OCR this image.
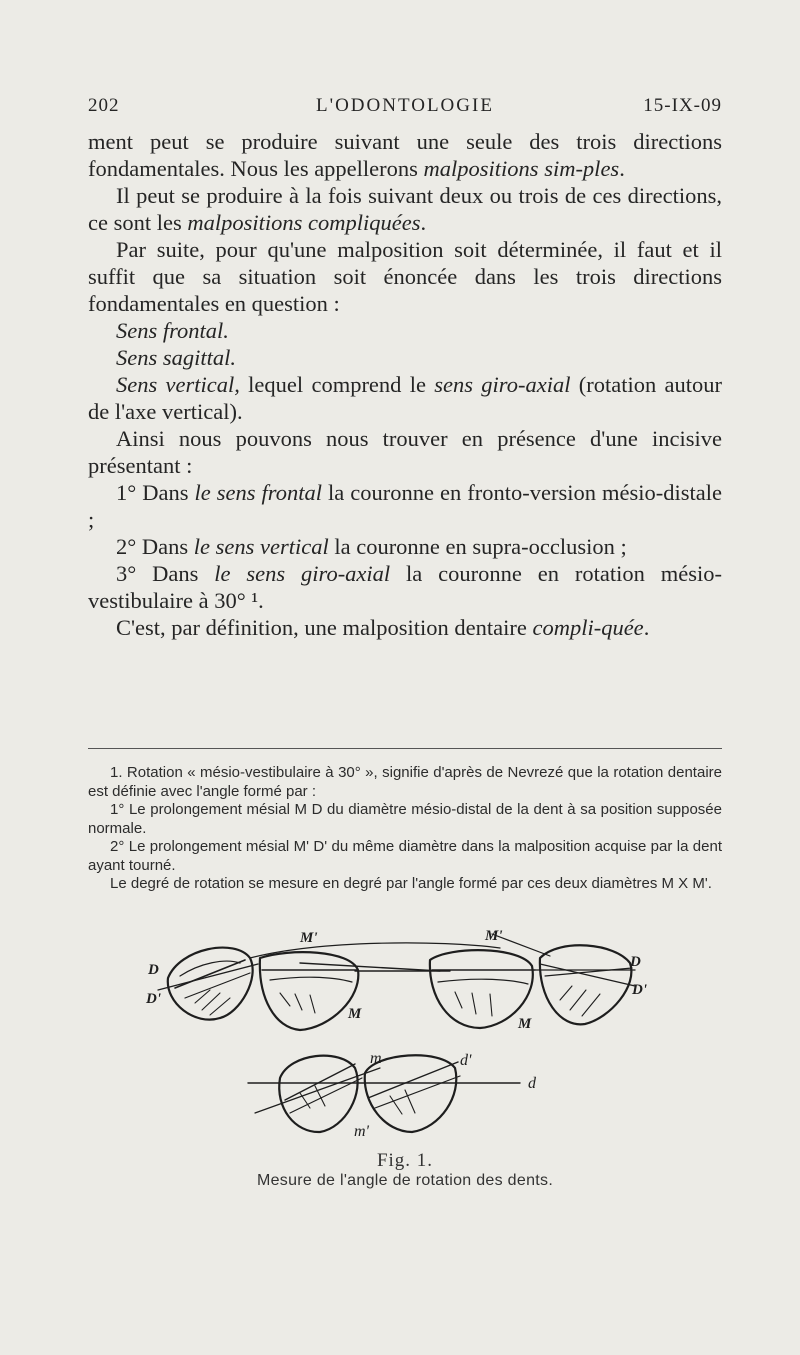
202	L'ODONTOLOGIE	15-IX-09

ment peut se produire suivant une seule des trois directions fondamentales. Nous les appellerons malpositions sim-ples.

Il peut se produire à la fois suivant deux ou trois de ces directions, ce sont les malpositions compliquées.

Par suite, pour qu'une malposition soit déterminée, il faut et il suffit que sa situation soit énoncée dans les trois directions fondamentales en question :

Sens frontal.

Sens sagittal.

Sens vertical, lequel comprend le sens giro-axial (rotation autour de l'axe vertical).

Ainsi nous pouvons nous trouver en présence d'une incisive présentant :

1° Dans le sens frontal la couronne en fronto-version mésio-distale ;

2° Dans le sens vertical la couronne en supra-occlusion ;

3° Dans le sens giro-axial la couronne en rotation mésio-vestibulaire à 30° ¹.

C'est, par définition, une malposition dentaire compli-quée.

1. Rotation « mésio-vestibulaire à 30° », signifie d'après de Nevrezé que la rotation dentaire est définie avec l'angle formé par :

1° Le prolongement mésial M D du diamètre mésio-distal de la dent à sa position supposée normale.

2° Le prolongement mésial M' D' du même diamètre dans la malposition acquise par la dent ayant tourné.

Le degré de rotation se mesure en degré par l'angle formé par ces deux diamètres M X M'.

D
D'
M'
M
M'
D
D'
M
m	d'
d
m'
Fig. 1.
Mesure de l'angle de rotation des dents.
